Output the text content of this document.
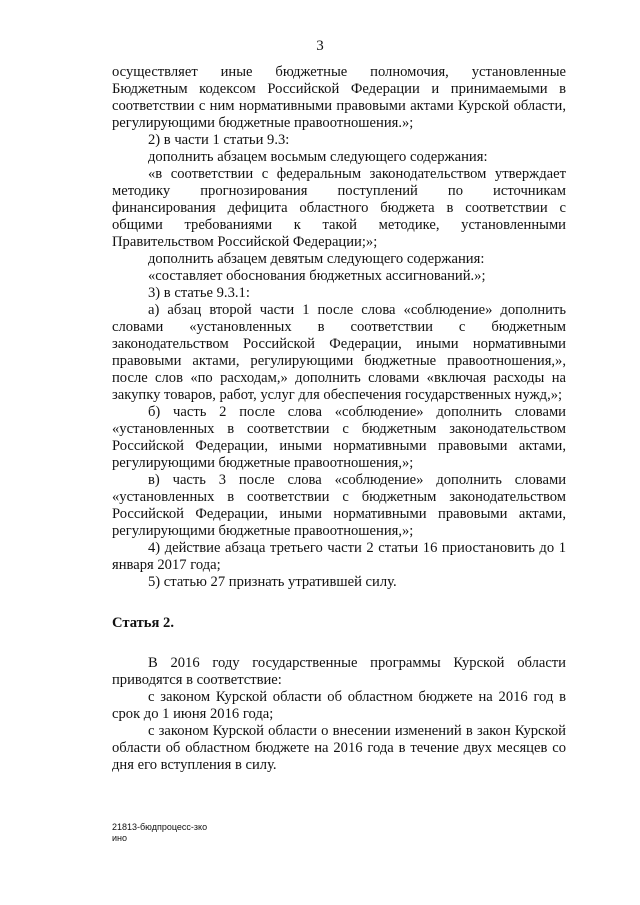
3

осуществляет иные бюджетные полномочия, установленные Бюджетным кодексом Российской Федерации и принимаемыми в соответствии с ним нормативными правовыми актами Курской области, регулирующими бюджетные правоотношения.»;

2) в части 1 статьи 9.3:

дополнить абзацем восьмым следующего содержания:

«в соответствии с федеральным законодательством утверждает методику прогнозирования поступлений по источникам финансирования дефицита областного бюджета в соответствии с общими требованиями к такой методике, установленными Правительством Российской Федерации;»;

дополнить абзацем девятым следующего содержания:

«составляет обоснования бюджетных ассигнований.»;

3) в статье 9.3.1:

а) абзац второй части 1 после слова «соблюдение» дополнить словами «установленных в соответствии с бюджетным законодательством Российской Федерации, иными нормативными правовыми актами, регулирующими бюджетные правоотношения,», после слов «по расходам,» дополнить словами «включая расходы на закупку товаров, работ, услуг для обеспечения государственных нужд,»;

б) часть 2 после слова «соблюдение» дополнить словами «установленных в соответствии с бюджетным законодательством Российской Федерации, иными нормативными правовыми актами, регулирующими бюджетные правоотношения,»;

в) часть 3 после слова «соблюдение» дополнить словами «установленных в соответствии с бюджетным законодательством Российской Федерации, иными нормативными правовыми актами, регулирующими бюджетные правоотношения,»;

4) действие абзаца третьего части 2 статьи 16 приостановить до 1 января 2017 года;

5) статью 27 признать утратившей силу.

Статья 2.

В 2016 году государственные программы Курской области приводятся в соответствие:

с законом Курской области об областном бюджете на 2016 год в срок до 1 июня 2016 года;

с законом Курской области о внесении изменений в закон Курской области об областном бюджете на 2016 года в течение двух месяцев со дня его вступления в силу.

21813-бюдпроцесс-зко
ино
